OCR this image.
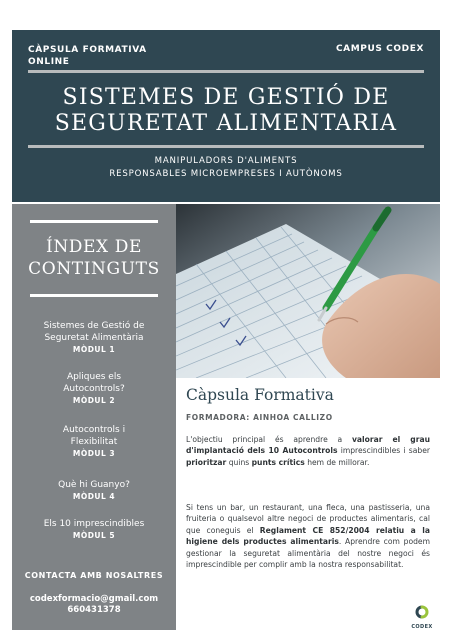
CÀPSULA FORMATIVA
ONLINE
CAMPUS CODEX
SISTEMES DE GESTIÓ DE
SEGURETAT ALIMENTARIA
MANIPULADORS D'ALIMENTS
RESPONSABLES MICROEMPRESES I AUTÒNOMS
ÍNDEX DE
CONTINGUTS
Sistemes de Gestió de
Seguretat Alimentària
MÒDUL 1
Apliques els
Autocontrols?
MÒDUL 2
Autocontrols i
Flexibilitat
MÒDUL 3
Què hi Guanyo?
MÒDUL 4
Els 10 imprescindibles
MÒDUL 5
CONTACTA AMB NOSALTRES
codexformacio@gmail.com
660431378
Càpsula Formativa
FORMADORA: AINHOA CALLIZO
L'objectiu principal és aprendre a valorar el grau d'implantació dels 10 Autocontrols imprescindibles i saber prioritzar quins punts crítics hem de millorar.
Si tens un bar, un restaurant, una fleca, una pastisseria, una fruiteria o qualsevol altre negoci de productes alimentaris, cal que coneguis el Reglament CE 852/2004 relatiu a la higiene dels productes alimentaris. Aprendre com podem gestionar la seguretat alimentària del nostre negoci és imprescindible per complir amb la nostra responsabilitat.
CODEX
